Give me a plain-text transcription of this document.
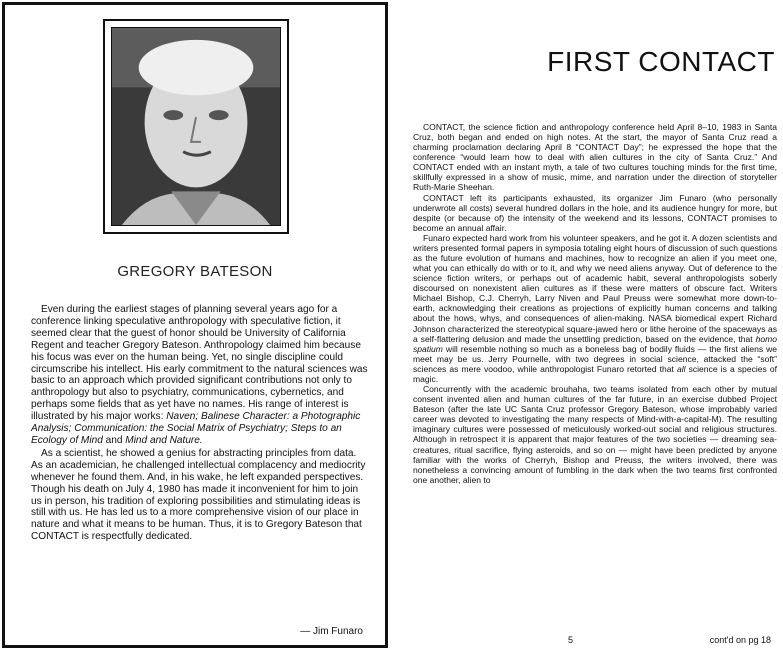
GREGORY BATESON

Even during the earliest stages of planning several years ago for a conference linking speculative anthropology with speculative fiction, it seemed clear that the guest of honor should be University of California Regent and teacher Gregory Bateson. Anthropology claimed him because his focus was ever on the human being. Yet, no single discipline could circumscribe his intellect. His early commitment to the natural sciences was basic to an approach which provided significant contributions not only to anthropology but also to psychiatry, communications, cybernetics, and perhaps some fields that as yet have no names. His range of interest is illustrated by his major works: Naven; Balinese Character: a Photographic Analysis; Communication: the Social Matrix of Psychiatry; Steps to an Ecology of Mind and Mind and Nature.

As a scientist, he showed a genius for abstracting principles from data. As an academician, he challenged intellectual complacency and mediocrity whenever he found them. And, in his wake, he left expanded perspectives. Though his death on July 4, 1980 has made it inconvenient for him to join us in person, his tradition of exploring possibilities and stimulating ideas is still with us. He has led us to a more comprehensive vision of our place in nature and what it means to be human. Thus, it is to Gregory Bateson that CONTACT is respectfully dedicated.

— Jim Funaro
FIRST CONTACT

CONTACT, the science fiction and anthropology conference held April 8–10, 1983 in Santa Cruz, both began and ended on high notes. At the start, the mayor of Santa Cruz read a charming proclamation declaring April 8 “CONTACT Day”; he expressed the hope that the conference “would learn how to deal with alien cultures in the city of Santa Cruz.” And CONTACT ended with an instant myth, a tale of two cultures touching minds for the first time, skillfully expressed in a show of music, mime, and narration under the direction of storyteller Ruth-Marie Sheehan.

CONTACT left its participants exhausted, its organizer Jim Funaro (who personally underwrote all costs) several hundred dollars in the hole, and its audience hungry for more, but despite (or because of) the intensity of the weekend and its lessons, CONTACT promises to become an annual affair.

Funaro expected hard work from his volunteer speakers, and he got it. A dozen scientists and writers presented formal papers in symposia totaling eight hours of discussion of such questions as the future evolution of humans and machines, how to recognize an alien if you meet one, what you can ethically do with or to it, and why we need aliens anyway. Out of deference to the science fiction writers, or perhaps out of academic habit, several anthropologists soberly discoursed on nonexistent alien cultures as if these were matters of obscure fact. Writers Michael Bishop, C.J. Cherryh, Larry Niven and Paul Preuss were somewhat more down-to-earth, acknowledging their creations as projections of explicitly human concerns and talking about the hows, whys, and consequences of alien-making. NASA biomedical expert Richard Johnson characterized the stereotypical square-jawed hero or lithe heroine of the spaceways as a self-flattering delusion and made the unsettling prediction, based on the evidence, that homo spatium will resemble nothing so much as a boneless bag of bodily fluids — the first aliens we meet may be us. Jerry Pournelle, with two degrees in social science, attacked the “soft” sciences as mere voodoo, while anthropologist Funaro retorted that all science is a species of magic.

Concurrently with the academic brouhaha, two teams isolated from each other by mutual consent invented alien and human cultures of the far future, in an exercise dubbed Project Bateson (after the late UC Santa Cruz professor Gregory Bateson, whose improbably varied career was devoted to investigating the many respects of Mind-with-a-capital-M). The resulting imaginary cultures were possessed of meticulously worked-out social and religious structures. Although in retrospect it is apparent that major features of the two societies — dreaming sea-creatures, ritual sacrifice, flying asteroids, and so on — might have been predicted by anyone familiar with the works of Cherryh, Bishop and Preuss, the writers involved, there was nonetheless a convincing amount of fumbling in the dark when the two teams first confronted one another, alien to

5	cont'd on pg 18
